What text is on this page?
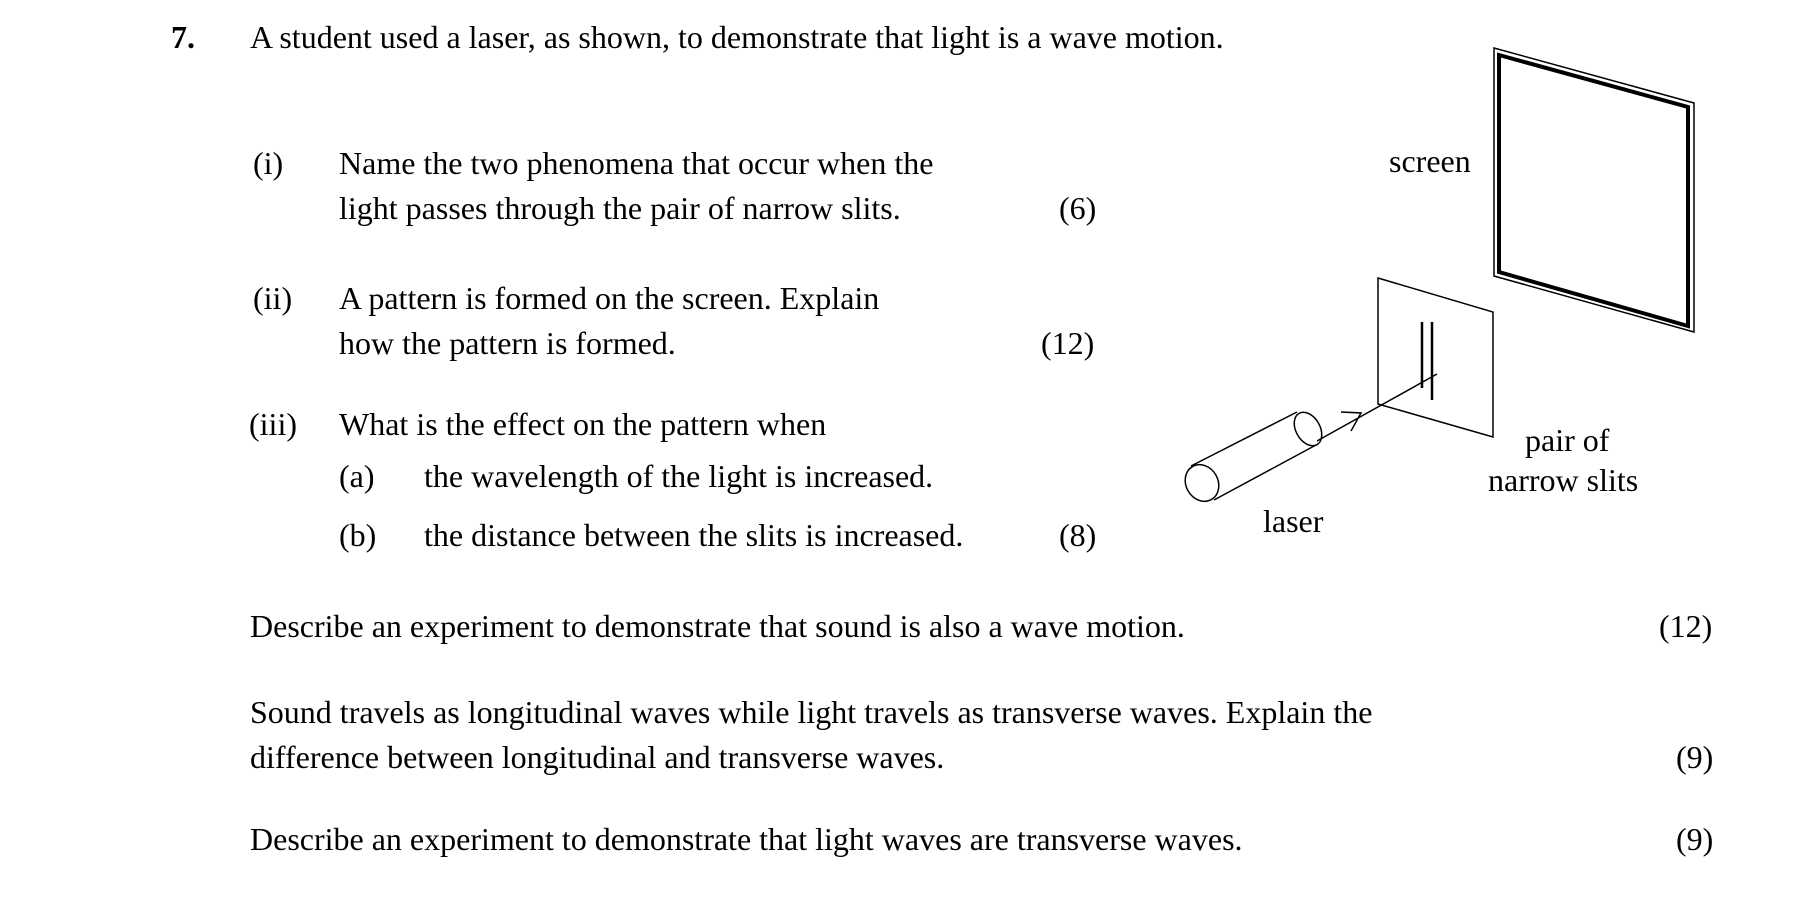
7. A student used a laser, as shown, to demonstrate that light is a wave motion.
(i) Name the two phenomena that occur when the
light passes through the pair of narrow slits.	(6)
(ii) A pattern is formed on the screen. Explain
how the pattern is formed.	(12)
(iii) What is the effect on the pattern when
(a) the wavelength of the light is increased.
(b) the distance between the slits is increased.	(8)
Describe an experiment to demonstrate that sound is also a wave motion.	(12)
Sound travels as longitudinal waves while light travels as transverse waves. Explain the
difference between longitudinal and transverse waves.	(9)
Describe an experiment to demonstrate that light waves are transverse waves.	(9)
screen
pair of
narrow slits
laser
